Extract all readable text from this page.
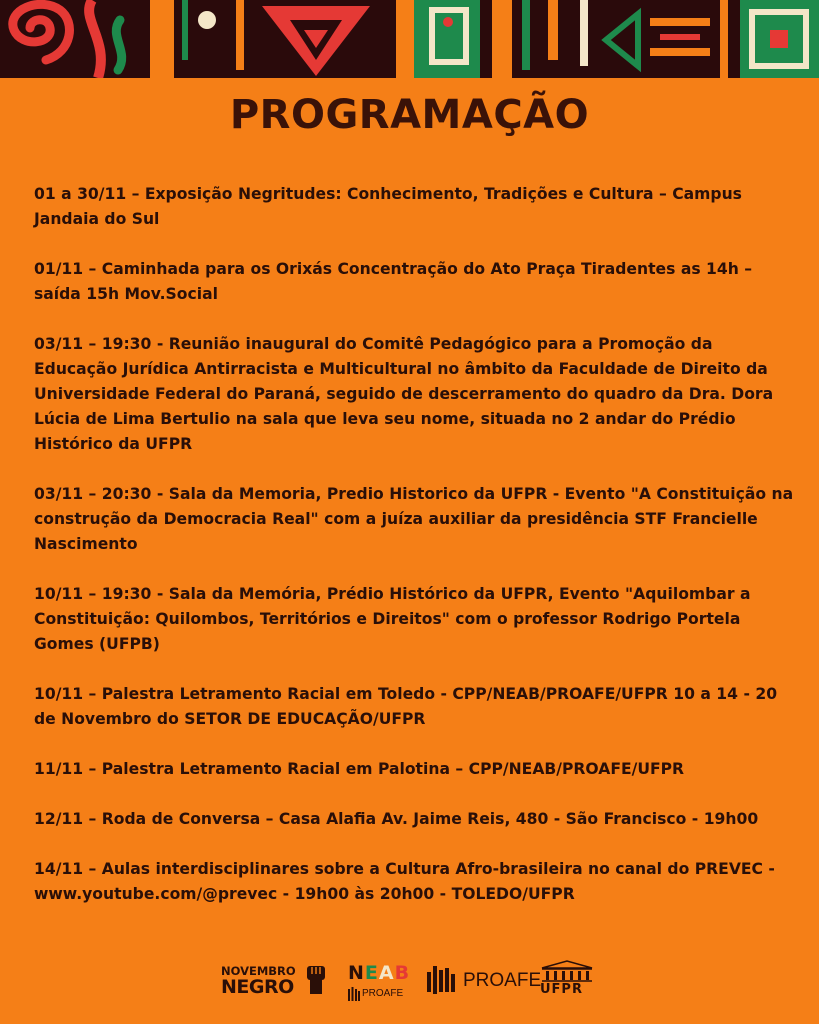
PROGRAMAÇÃO

01 a 30/11 – Exposição Negritudes: Conhecimento, Tradições e Cultura – Campus Jandaia do Sul

01/11 – Caminhada para os Orixás Concentração do Ato Praça Tiradentes as 14h – saída 15h Mov.Social

03/11 – 19:30 - Reunião inaugural do Comitê Pedagógico para a Promoção da Educação Jurídica Antirracista e Multicultural no âmbito da Faculdade de Direito da Universidade Federal do Paraná, seguido de descerramento do quadro da Dra. Dora Lúcia de Lima Bertulio na sala que leva seu nome, situada no 2 andar do Prédio Histórico da UFPR

03/11 – 20:30 - Sala da Memoria, Predio Historico da UFPR - Evento "A Constituição na construção da Democracia Real" com a juíza auxiliar da presidência STF Francielle Nascimento

10/11 – 19:30 - Sala da Memória, Prédio Histórico da UFPR, Evento "Aquilombar a Constituição: Quilombos, Territórios e Direitos" com o professor Rodrigo Portela Gomes (UFPB)

10/11 – Palestra Letramento Racial em Toledo - CPP/NEAB/PROAFE/UFPR 10 a 14 - 20 de Novembro do SETOR DE EDUCAÇÃO/UFPR

11/11 – Palestra Letramento Racial em Palotina – CPP/NEAB/PROAFE/UFPR

12/11 – Roda de Conversa – Casa Alafia Av. Jaime Reis, 480 - São Francisco - 19h00

14/11 – Aulas interdisciplinares sobre a Cultura Afro-brasileira no canal do PREVEC - www.youtube.com/@prevec - 19h00 às 20h00 - TOLEDO/UFPR

NOVEMBRO
NEGRO
NEAB
PROAFE
PROAFE
UFPR
